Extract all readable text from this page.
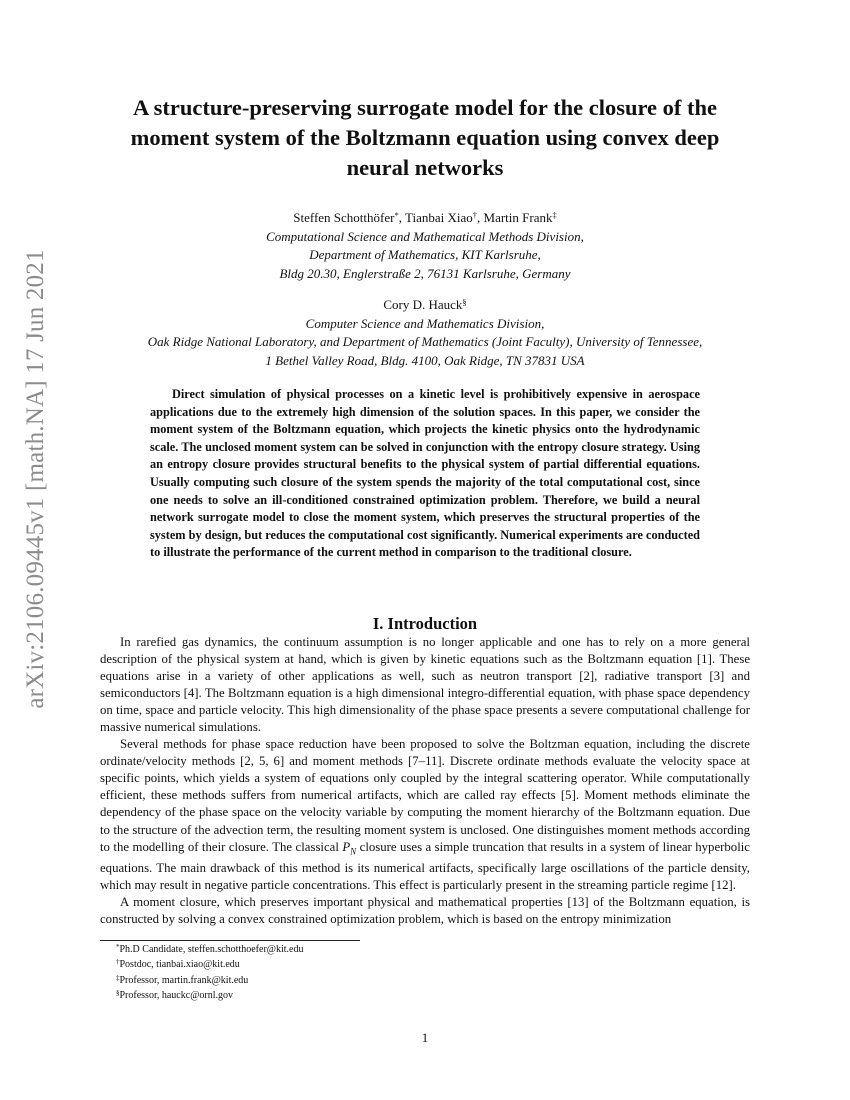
arXiv:2106.09445v1 [math.NA] 17 Jun 2021
A structure-preserving surrogate model for the closure of the moment system of the Boltzmann equation using convex deep neural networks
Steffen Schotthöfer*, Tianbai Xiao†, Martin Frank‡
Computational Science and Mathematical Methods Division,
Department of Mathematics, KIT Karlsruhe,
Bldg 20.30, Englerstraße 2, 76131 Karlsruhe, Germany
Cory D. Hauck§
Computer Science and Mathematics Division,
Oak Ridge National Laboratory, and Department of Mathematics (Joint Faculty), University of Tennessee,
1 Bethel Valley Road, Bldg. 4100, Oak Ridge, TN 37831 USA

Direct simulation of physical processes on a kinetic level is prohibitively expensive in aerospace applications due to the extremely high dimension of the solution spaces. In this paper, we consider the moment system of the Boltzmann equation, which projects the kinetic physics onto the hydrodynamic scale. The unclosed moment system can be solved in conjunction with the entropy closure strategy. Using an entropy closure provides structural benefits to the physical system of partial differential equations. Usually computing such closure of the system spends the majority of the total computational cost, since one needs to solve an ill-conditioned constrained optimization problem. Therefore, we build a neural network surrogate model to close the moment system, which preserves the structural properties of the system by design, but reduces the computational cost significantly. Numerical experiments are conducted to illustrate the performance of the current method in comparison to the traditional closure.

I. Introduction

In rarefied gas dynamics, the continuum assumption is no longer applicable and one has to rely on a more general description of the physical system at hand, which is given by kinetic equations such as the Boltzmann equation [1]. These equations arise in a variety of other applications as well, such as neutron transport [2], radiative transport [3] and semiconductors [4]. The Boltzmann equation is a high dimensional integro-differential equation, with phase space dependency on time, space and particle velocity. This high dimensionality of the phase space presents a severe computational challenge for massive numerical simulations.

Several methods for phase space reduction have been proposed to solve the Boltzman equation, including the discrete ordinate/velocity methods [2, 5, 6] and moment methods [7–11]. Discrete ordinate methods evaluate the velocity space at specific points, which yields a system of equations only coupled by the integral scattering operator. While computationally efficient, these methods suffers from numerical artifacts, which are called ray effects [5]. Moment methods eliminate the dependency of the phase space on the velocity variable by computing the moment hierarchy of the Boltzmann equation. Due to the structure of the advection term, the resulting moment system is unclosed. One distinguishes moment methods according to the modelling of their closure. The classical $P_N$ closure uses a simple truncation that results in a system of linear hyperbolic equations. The main drawback of this method is its numerical artifacts, specifically large oscillations of the particle density, which may result in negative particle concentrations. This effect is particularly present in the streaming particle regime [12].

A moment closure, which preserves important physical and mathematical properties [13] of the Boltzmann equation, is constructed by solving a convex constrained optimization problem, which is based on the entropy minimization

*Ph.D Candidate, steffen.schotthoefer@kit.edu
†Postdoc, tianbai.xiao@kit.edu
‡Professor, martin.frank@kit.edu
§Professor, hauckc@ornl.gov
1
